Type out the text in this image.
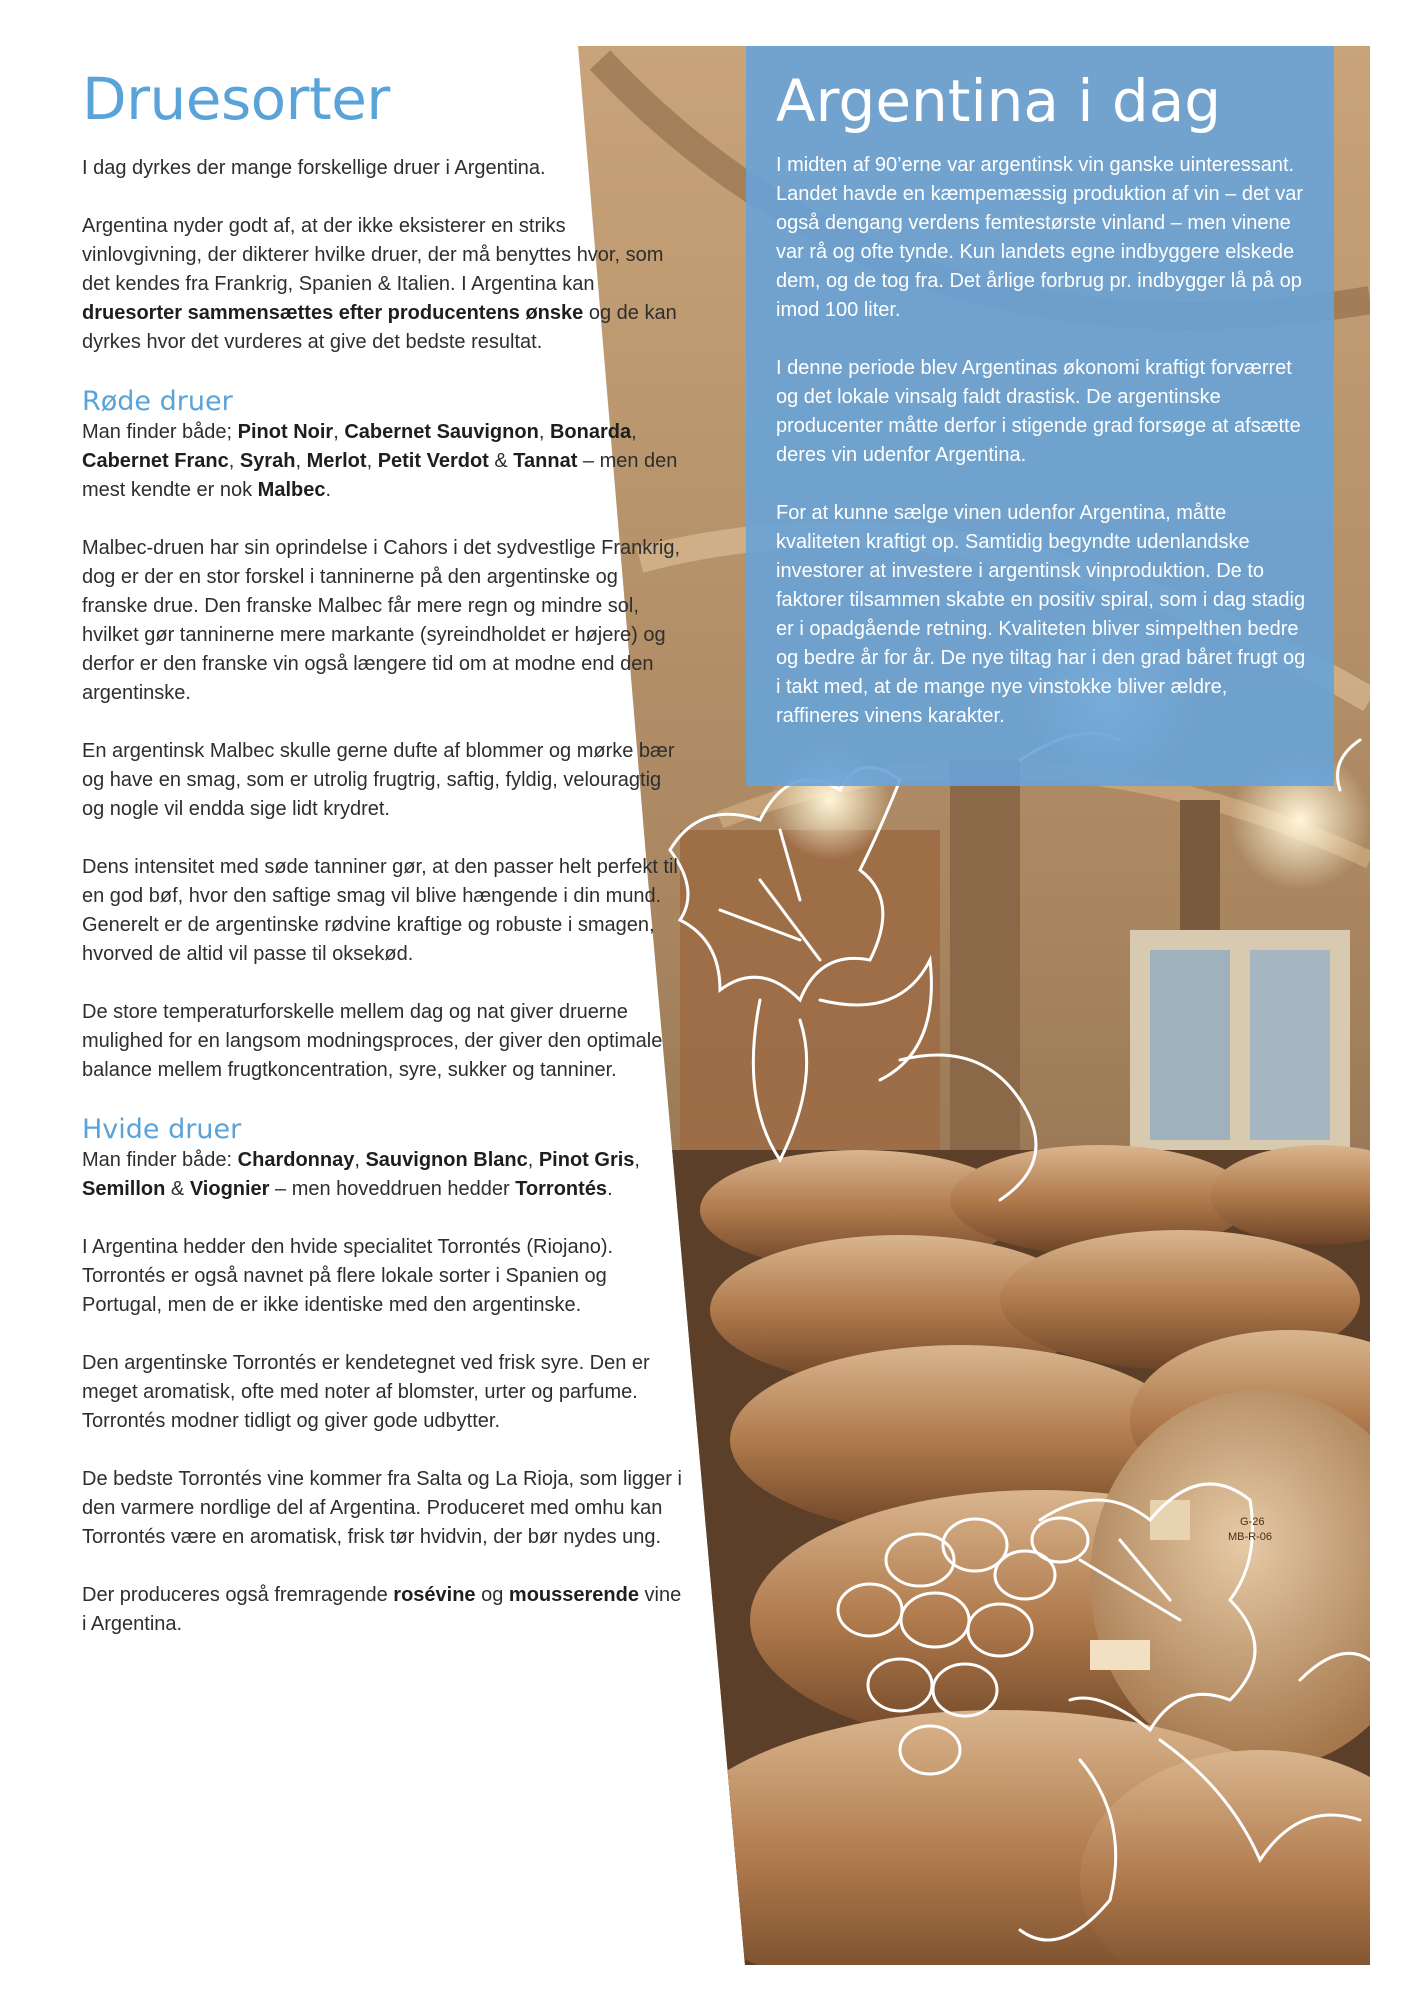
G-26
MB-R-06
Druesorter

I dag dyrkes der mange forskellige druer i Argentina.

Argentina nyder godt af, at der ikke eksisterer en striks vinlovgivning, der dikterer hvilke druer, der må benyttes hvor, som det kendes fra Frankrig, Spanien & Italien. I Argentina kan druesorter sammensættes efter producentens ønske og de kan dyrkes hvor det vurderes at give det bedste resultat.

Røde druer

Man finder både; Pinot Noir, Cabernet Sauvignon, Bonarda, Cabernet Franc, Syrah, Merlot, Petit Verdot & Tannat – men den mest kendte er nok Malbec.

Malbec-druen har sin oprindelse i Cahors i det sydvestlige Frankrig, dog er der en stor forskel i tanninerne på den argentinske og franske drue. Den franske Malbec får mere regn og mindre sol, hvilket gør tanninerne mere markante (syreindholdet er højere) og derfor er den franske vin også længere tid om at modne end den argentinske.

En argentinsk Malbec skulle gerne dufte af blommer og mørke bær og have en smag, som er utrolig frugtrig, saftig, fyldig, velouragtig og nogle vil endda sige lidt krydret.

Dens intensitet med søde tanniner gør, at den passer helt perfekt til en god bøf, hvor den saftige smag vil blive hængende i din mund. Generelt er de argentinske rødvine kraftige og robuste i smagen, hvorved de altid vil passe til oksekød.

De store temperaturforskelle mellem dag og nat giver druerne mulighed for en langsom modningsproces, der giver den optimale balance mellem frugtkoncentration, syre, sukker og tanniner.

Hvide druer

Man finder både: Chardonnay, Sauvignon Blanc, Pinot Gris, Semillon & Viognier – men hoveddruen hedder Torrontés.

I Argentina hedder den hvide specialitet Torrontés (Riojano). Torrontés er også navnet på flere lokale sorter i Spanien og Portugal, men de er ikke identiske med den argentinske.

Den argentinske Torrontés er kendetegnet ved frisk syre. Den er meget aromatisk, ofte med noter af blomster, urter og parfume. Torrontés modner tidligt og giver gode udbytter.

De bedste Torrontés vine kommer fra Salta og La Rioja, som ligger i den varmere nordlige del af Argentina. Produceret med omhu kan Torrontés være en aromatisk, frisk tør hvidvin, der bør nydes ung.

Der produceres også fremragende rosévine og mousserende vine i Argentina.

Argentina i dag

I midten af 90’erne var argentinsk vin ganske uinteressant. Landet havde en kæmpemæssig produktion af vin – det var også dengang verdens femtestørste vinland – men vinene var rå og ofte tynde. Kun landets egne indbyggere elskede dem, og de tog fra. Det årlige forbrug pr. indbygger lå på op imod 100 liter.

I denne periode blev Argentinas økonomi kraftigt forværret og det lokale vinsalg faldt drastisk. De argentinske producenter måtte derfor i stigende grad forsøge at afsætte deres vin udenfor Argentina.

For at kunne sælge vinen udenfor Argentina, måtte kvaliteten kraftigt op. Samtidig begyndte udenlandske investorer at investere i argentinsk vinproduktion. De to faktorer tilsammen skabte en positiv spiral, som i dag stadig er i opadgående retning. Kvaliteten bliver simpelthen bedre og bedre år for år. De nye tiltag har i den grad båret frugt og i takt med, at de mange nye vinstokke bliver ældre, raffineres vinens karakter.
